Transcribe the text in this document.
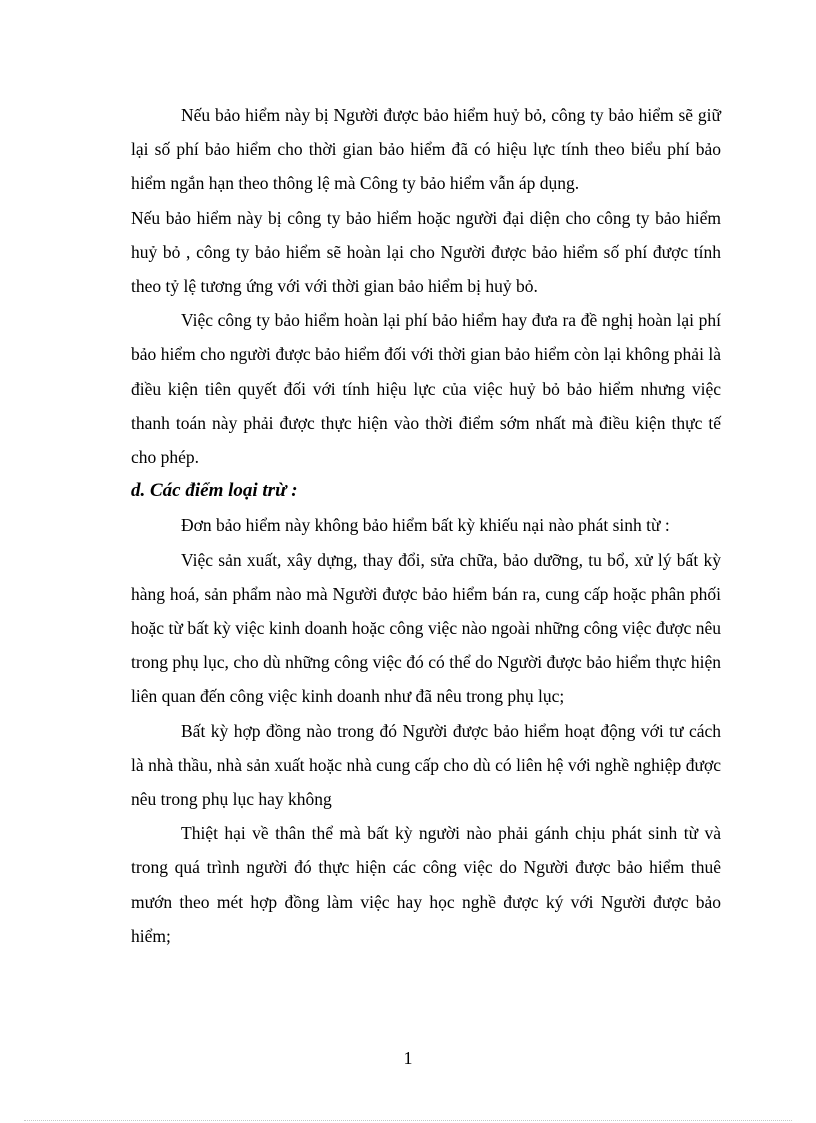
Nếu bảo hiểm này bị Người được bảo hiểm huỷ bỏ, công ty bảo hiểm sẽ giữ lại số phí bảo hiểm cho thời gian bảo hiểm đã có hiệu lực tính theo biểu phí bảo hiểm ngắn hạn theo thông lệ mà Công ty bảo hiểm vẫn áp dụng.

Nếu bảo hiểm này bị công ty bảo hiểm hoặc người đại diện cho công ty bảo hiểm huỷ bỏ , công ty bảo hiểm sẽ hoàn lại cho Người được bảo hiểm số phí được tính theo tỷ lệ tương ứng với với thời gian bảo hiểm bị huỷ bỏ.

Việc công ty bảo hiểm hoàn lại phí bảo hiểm hay đưa ra đề nghị hoàn lại phí bảo hiểm cho người được bảo hiểm đối với thời gian bảo hiểm còn lại không phải là điều kiện tiên quyết đối với tính hiệu lực của việc huỷ bỏ bảo hiểm nhưng việc thanh toán này phải được thực hiện vào thời điểm sớm nhất mà điều kiện thực tế cho phép.

d. Các điểm loại trừ :

Đơn bảo hiểm này không bảo hiểm bất kỳ khiếu nại nào phát sinh từ :

Việc sản xuất, xây dựng, thay đổi, sửa chữa, bảo dưỡng, tu bổ, xử lý bất kỳ hàng hoá, sản phẩm nào mà Người được bảo hiểm bán ra, cung cấp hoặc phân phối hoặc từ bất kỳ việc kinh doanh hoặc công việc nào ngoài những công việc được nêu trong phụ lục, cho dù những công việc đó có thể do Người được bảo hiểm thực hiện liên quan đến công việc kinh doanh như đã nêu trong phụ lục;

Bất kỳ hợp đồng nào trong đó Người được bảo hiểm hoạt động với tư cách là nhà thầu, nhà sản xuất hoặc nhà cung cấp cho dù có liên hệ với nghề nghiệp được nêu trong phụ lục hay không

Thiệt hại về thân thể mà bất kỳ người nào phải gánh chịu phát sinh từ và trong quá trình người đó thực hiện các công việc do Người được bảo hiểm thuê mướn theo mét hợp đồng làm việc hay học nghề được ký với Người được bảo hiểm;

1
